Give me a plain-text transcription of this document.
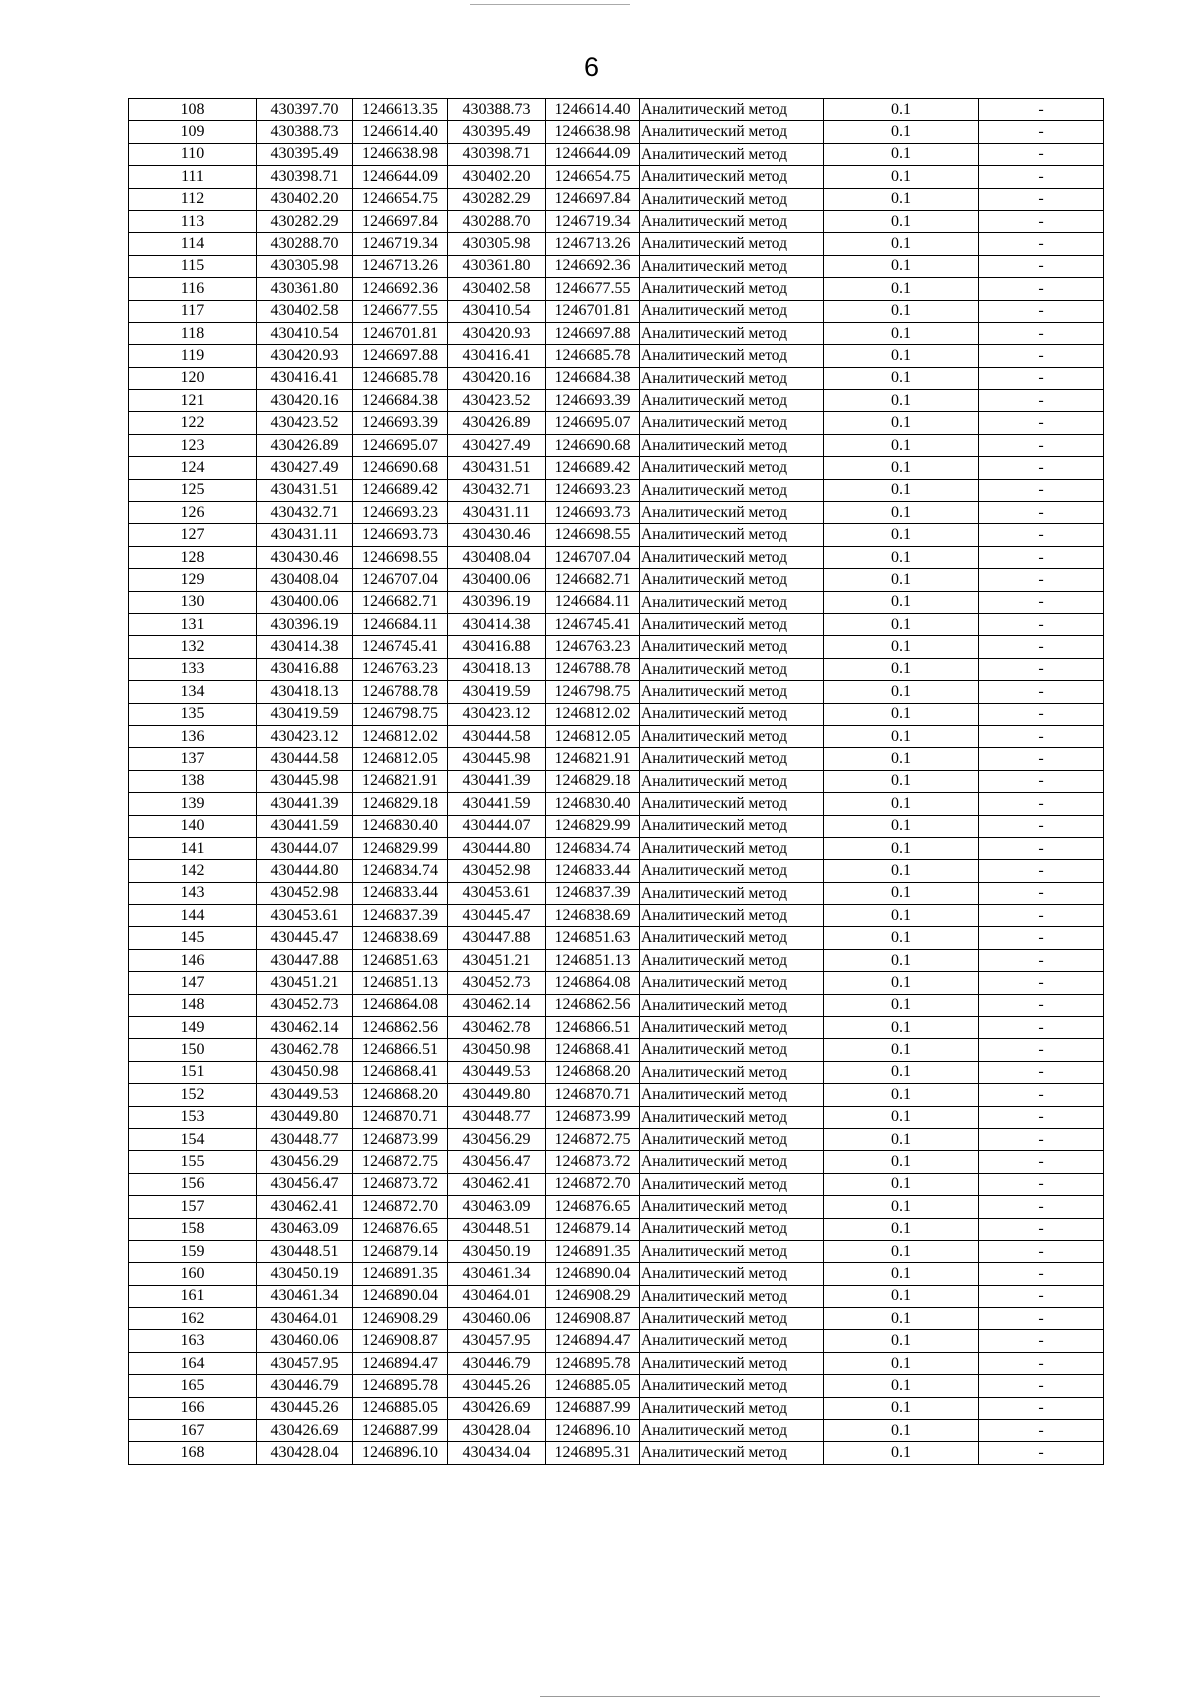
6
108	430397.70	1246613.35	430388.73	1246614.40	Аналитический метод	0.1	-
109	430388.73	1246614.40	430395.49	1246638.98	Аналитический метод	0.1	-
110	430395.49	1246638.98	430398.71	1246644.09	Аналитический метод	0.1	-
111	430398.71	1246644.09	430402.20	1246654.75	Аналитический метод	0.1	-
112	430402.20	1246654.75	430282.29	1246697.84	Аналитический метод	0.1	-
113	430282.29	1246697.84	430288.70	1246719.34	Аналитический метод	0.1	-
114	430288.70	1246719.34	430305.98	1246713.26	Аналитический метод	0.1	-
115	430305.98	1246713.26	430361.80	1246692.36	Аналитический метод	0.1	-
116	430361.80	1246692.36	430402.58	1246677.55	Аналитический метод	0.1	-
117	430402.58	1246677.55	430410.54	1246701.81	Аналитический метод	0.1	-
118	430410.54	1246701.81	430420.93	1246697.88	Аналитический метод	0.1	-
119	430420.93	1246697.88	430416.41	1246685.78	Аналитический метод	0.1	-
120	430416.41	1246685.78	430420.16	1246684.38	Аналитический метод	0.1	-
121	430420.16	1246684.38	430423.52	1246693.39	Аналитический метод	0.1	-
122	430423.52	1246693.39	430426.89	1246695.07	Аналитический метод	0.1	-
123	430426.89	1246695.07	430427.49	1246690.68	Аналитический метод	0.1	-
124	430427.49	1246690.68	430431.51	1246689.42	Аналитический метод	0.1	-
125	430431.51	1246689.42	430432.71	1246693.23	Аналитический метод	0.1	-
126	430432.71	1246693.23	430431.11	1246693.73	Аналитический метод	0.1	-
127	430431.11	1246693.73	430430.46	1246698.55	Аналитический метод	0.1	-
128	430430.46	1246698.55	430408.04	1246707.04	Аналитический метод	0.1	-
129	430408.04	1246707.04	430400.06	1246682.71	Аналитический метод	0.1	-
130	430400.06	1246682.71	430396.19	1246684.11	Аналитический метод	0.1	-
131	430396.19	1246684.11	430414.38	1246745.41	Аналитический метод	0.1	-
132	430414.38	1246745.41	430416.88	1246763.23	Аналитический метод	0.1	-
133	430416.88	1246763.23	430418.13	1246788.78	Аналитический метод	0.1	-
134	430418.13	1246788.78	430419.59	1246798.75	Аналитический метод	0.1	-
135	430419.59	1246798.75	430423.12	1246812.02	Аналитический метод	0.1	-
136	430423.12	1246812.02	430444.58	1246812.05	Аналитический метод	0.1	-
137	430444.58	1246812.05	430445.98	1246821.91	Аналитический метод	0.1	-
138	430445.98	1246821.91	430441.39	1246829.18	Аналитический метод	0.1	-
139	430441.39	1246829.18	430441.59	1246830.40	Аналитический метод	0.1	-
140	430441.59	1246830.40	430444.07	1246829.99	Аналитический метод	0.1	-
141	430444.07	1246829.99	430444.80	1246834.74	Аналитический метод	0.1	-
142	430444.80	1246834.74	430452.98	1246833.44	Аналитический метод	0.1	-
143	430452.98	1246833.44	430453.61	1246837.39	Аналитический метод	0.1	-
144	430453.61	1246837.39	430445.47	1246838.69	Аналитический метод	0.1	-
145	430445.47	1246838.69	430447.88	1246851.63	Аналитический метод	0.1	-
146	430447.88	1246851.63	430451.21	1246851.13	Аналитический метод	0.1	-
147	430451.21	1246851.13	430452.73	1246864.08	Аналитический метод	0.1	-
148	430452.73	1246864.08	430462.14	1246862.56	Аналитический метод	0.1	-
149	430462.14	1246862.56	430462.78	1246866.51	Аналитический метод	0.1	-
150	430462.78	1246866.51	430450.98	1246868.41	Аналитический метод	0.1	-
151	430450.98	1246868.41	430449.53	1246868.20	Аналитический метод	0.1	-
152	430449.53	1246868.20	430449.80	1246870.71	Аналитический метод	0.1	-
153	430449.80	1246870.71	430448.77	1246873.99	Аналитический метод	0.1	-
154	430448.77	1246873.99	430456.29	1246872.75	Аналитический метод	0.1	-
155	430456.29	1246872.75	430456.47	1246873.72	Аналитический метод	0.1	-
156	430456.47	1246873.72	430462.41	1246872.70	Аналитический метод	0.1	-
157	430462.41	1246872.70	430463.09	1246876.65	Аналитический метод	0.1	-
158	430463.09	1246876.65	430448.51	1246879.14	Аналитический метод	0.1	-
159	430448.51	1246879.14	430450.19	1246891.35	Аналитический метод	0.1	-
160	430450.19	1246891.35	430461.34	1246890.04	Аналитический метод	0.1	-
161	430461.34	1246890.04	430464.01	1246908.29	Аналитический метод	0.1	-
162	430464.01	1246908.29	430460.06	1246908.87	Аналитический метод	0.1	-
163	430460.06	1246908.87	430457.95	1246894.47	Аналитический метод	0.1	-
164	430457.95	1246894.47	430446.79	1246895.78	Аналитический метод	0.1	-
165	430446.79	1246895.78	430445.26	1246885.05	Аналитический метод	0.1	-
166	430445.26	1246885.05	430426.69	1246887.99	Аналитический метод	0.1	-
167	430426.69	1246887.99	430428.04	1246896.10	Аналитический метод	0.1	-
168	430428.04	1246896.10	430434.04	1246895.31	Аналитический метод	0.1	-
